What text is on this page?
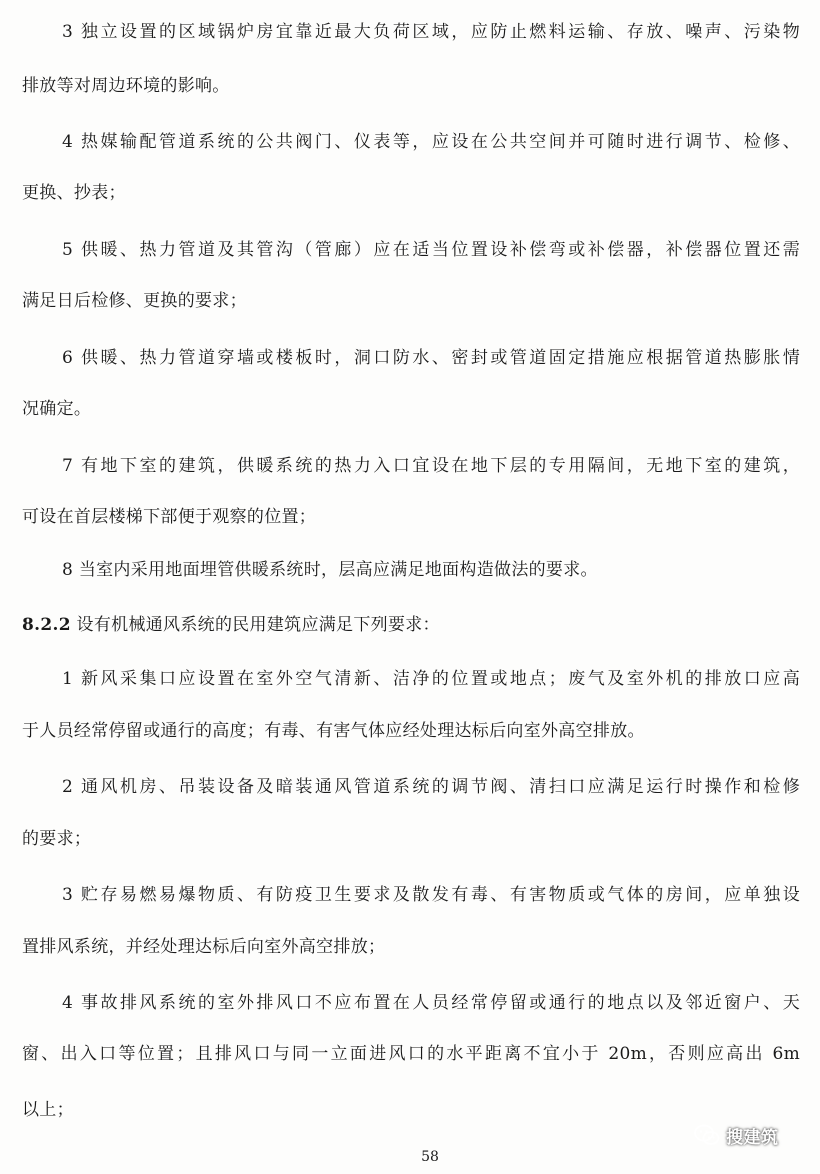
3 独立设置的区域锅炉房宜靠近最大负荷区域，应防止燃料运输、存放、噪声、污染物
排放等对周边环境的影响。
4 热媒输配管道系统的公共阀门、仪表等，应设在公共空间并可随时进行调节、检修、
更换、抄表；
5 供暖、热力管道及其管沟（管廊）应在适当位置设补偿弯或补偿器，补偿器位置还需
满足日后检修、更换的要求；
6 供暖、热力管道穿墙或楼板时，洞口防水、密封或管道固定措施应根据管道热膨胀情
况确定。
7 有地下室的建筑，供暖系统的热力入口宜设在地下层的专用隔间，无地下室的建筑，
可设在首层楼梯下部便于观察的位置；
8 当室内采用地面埋管供暖系统时，层高应满足地面构造做法的要求。
8.2.2 设有机械通风系统的民用建筑应满足下列要求：
1 新风采集口应设置在室外空气清新、洁净的位置或地点；废气及室外机的排放口应高
于人员经常停留或通行的高度；有毒、有害气体应经处理达标后向室外高空排放。
2 通风机房、吊装设备及暗装通风管道系统的调节阀、清扫口应满足运行时操作和检修
的要求；
3 贮存易燃易爆物质、有防疫卫生要求及散发有毒、有害物质或气体的房间，应单独设
置排风系统，并经处理达标后向室外高空排放；
4 事故排风系统的室外排风口不应布置在人员经常停留或通行的地点以及邻近窗户、天
窗、出入口等位置；且排风口与同一立面进风口的水平距离不宜小于 20m，否则应高出 6m
以上；
58
搜建筑
